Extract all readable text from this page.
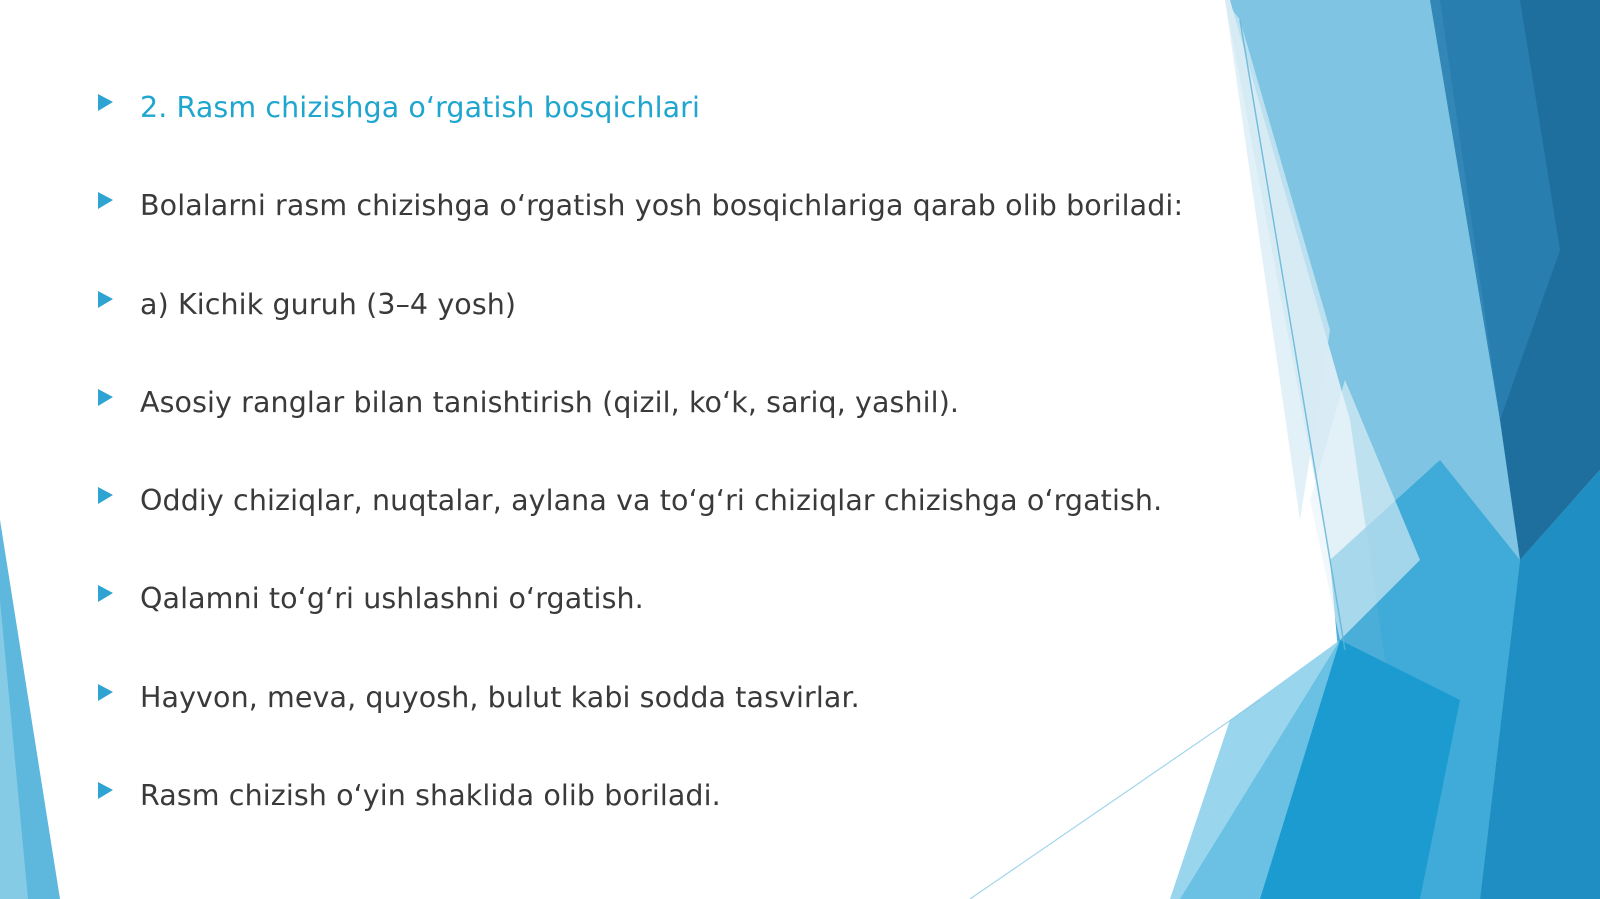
2. Rasm chizishga o‘rgatish bosqichlari
Bolalarni rasm chizishga o‘rgatish yosh bosqichlariga qarab olib boriladi:
a) Kichik guruh (3–4 yosh)
Asosiy ranglar bilan tanishtirish (qizil, ko‘k, sariq, yashil).
Oddiy chiziqlar, nuqtalar, aylana va to‘g‘ri chiziqlar chizishga o‘rgatish.
Qalamni to‘g‘ri ushlashni o‘rgatish.
Hayvon, meva, quyosh, bulut kabi sodda tasvirlar.
Rasm chizish o‘yin shaklida olib boriladi.
